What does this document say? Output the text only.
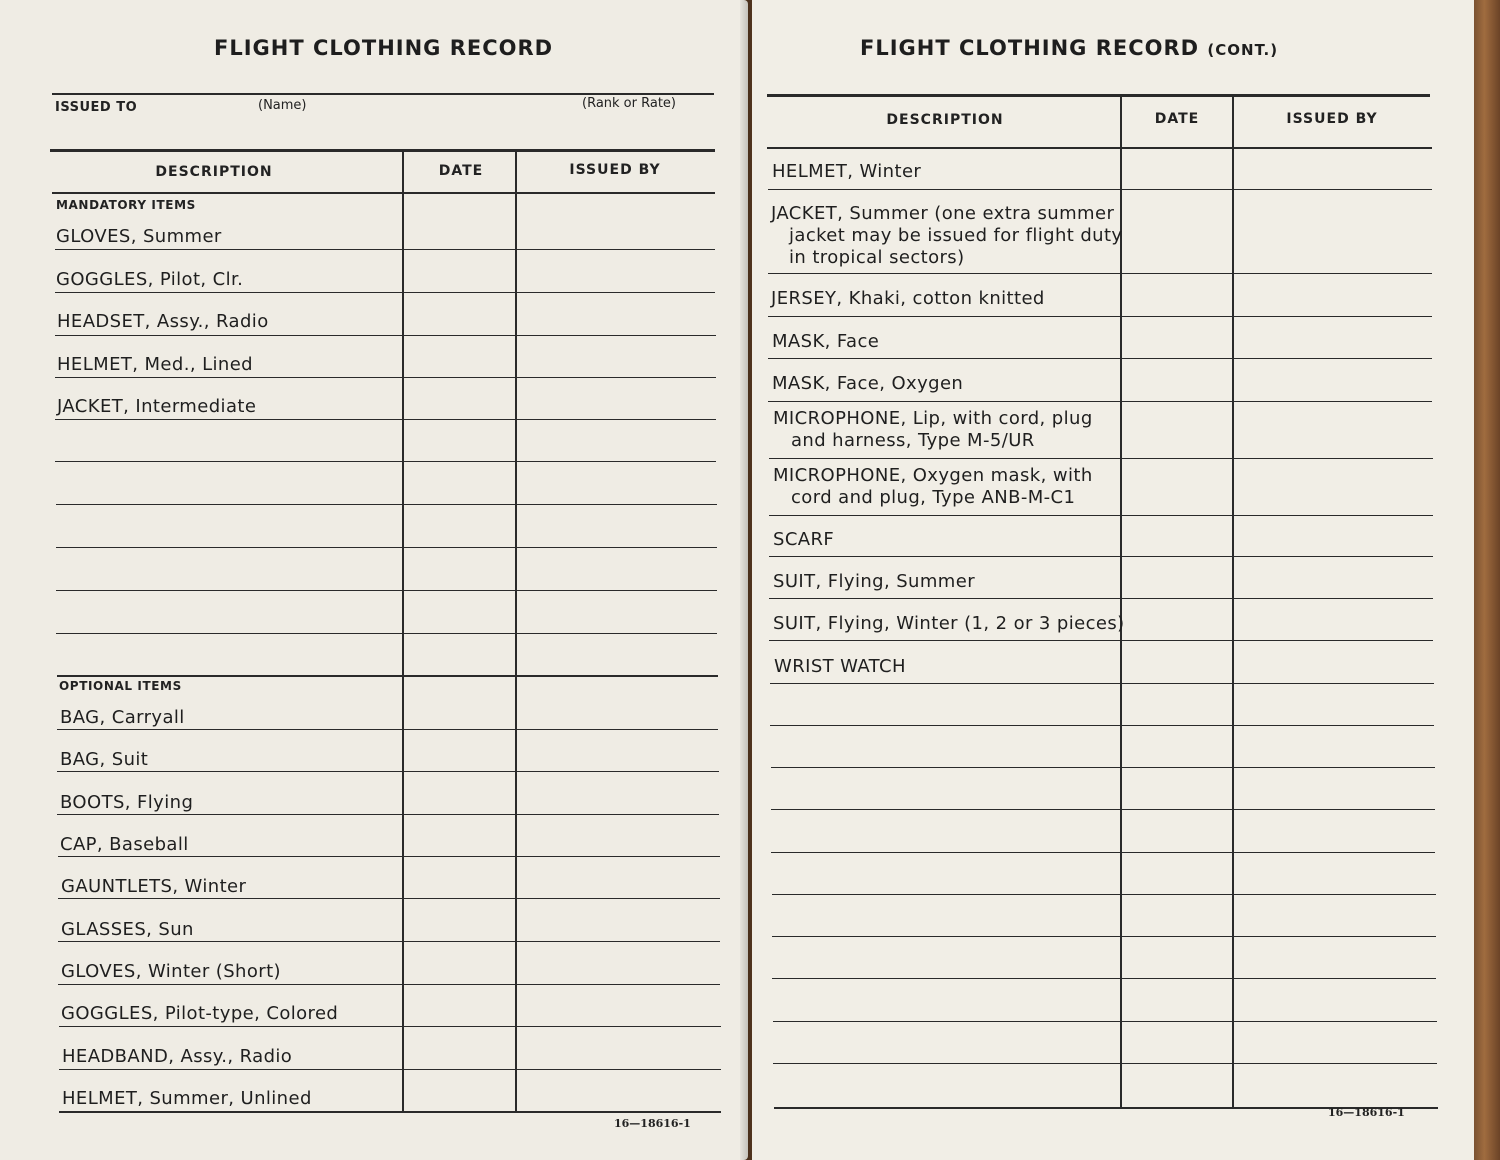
FLIGHT CLOTHING RECORD
ISSUED TO	(Name)	(Rank or Rate)
DESCRIPTION	DATE	ISSUED BY
MANDATORY ITEMS
GLOVES, Summer
GOGGLES, Pilot, Clr.
HEADSET, Assy., Radio
HELMET, Med., Lined
JACKET, Intermediate
OPTIONAL ITEMS
BAG, Carryall
BAG, Suit
BOOTS, Flying
CAP, Baseball
GAUNTLETS, Winter
GLASSES, Sun
GLOVES, Winter (Short)
GOGGLES, Pilot-type, Colored
HEADBAND, Assy., Radio
HELMET, Summer, Unlined
16—18616-1
FLIGHT CLOTHING RECORD (CONT.)
DESCRIPTION	DATE	ISSUED BY
HELMET, Winter
JACKET, Summer (one extra summer
jacket may be issued for flight duty
in tropical sectors)
JERSEY, Khaki, cotton knitted
MASK, Face
MASK, Face, Oxygen
MICROPHONE, Lip, with cord, plug
and harness, Type M-5/UR
MICROPHONE, Oxygen mask, with
cord and plug, Type ANB-M-C1
SCARF
SUIT, Flying, Summer
SUIT, Flying, Winter (1, 2 or 3 pieces)
WRIST WATCH
16—18616-1
